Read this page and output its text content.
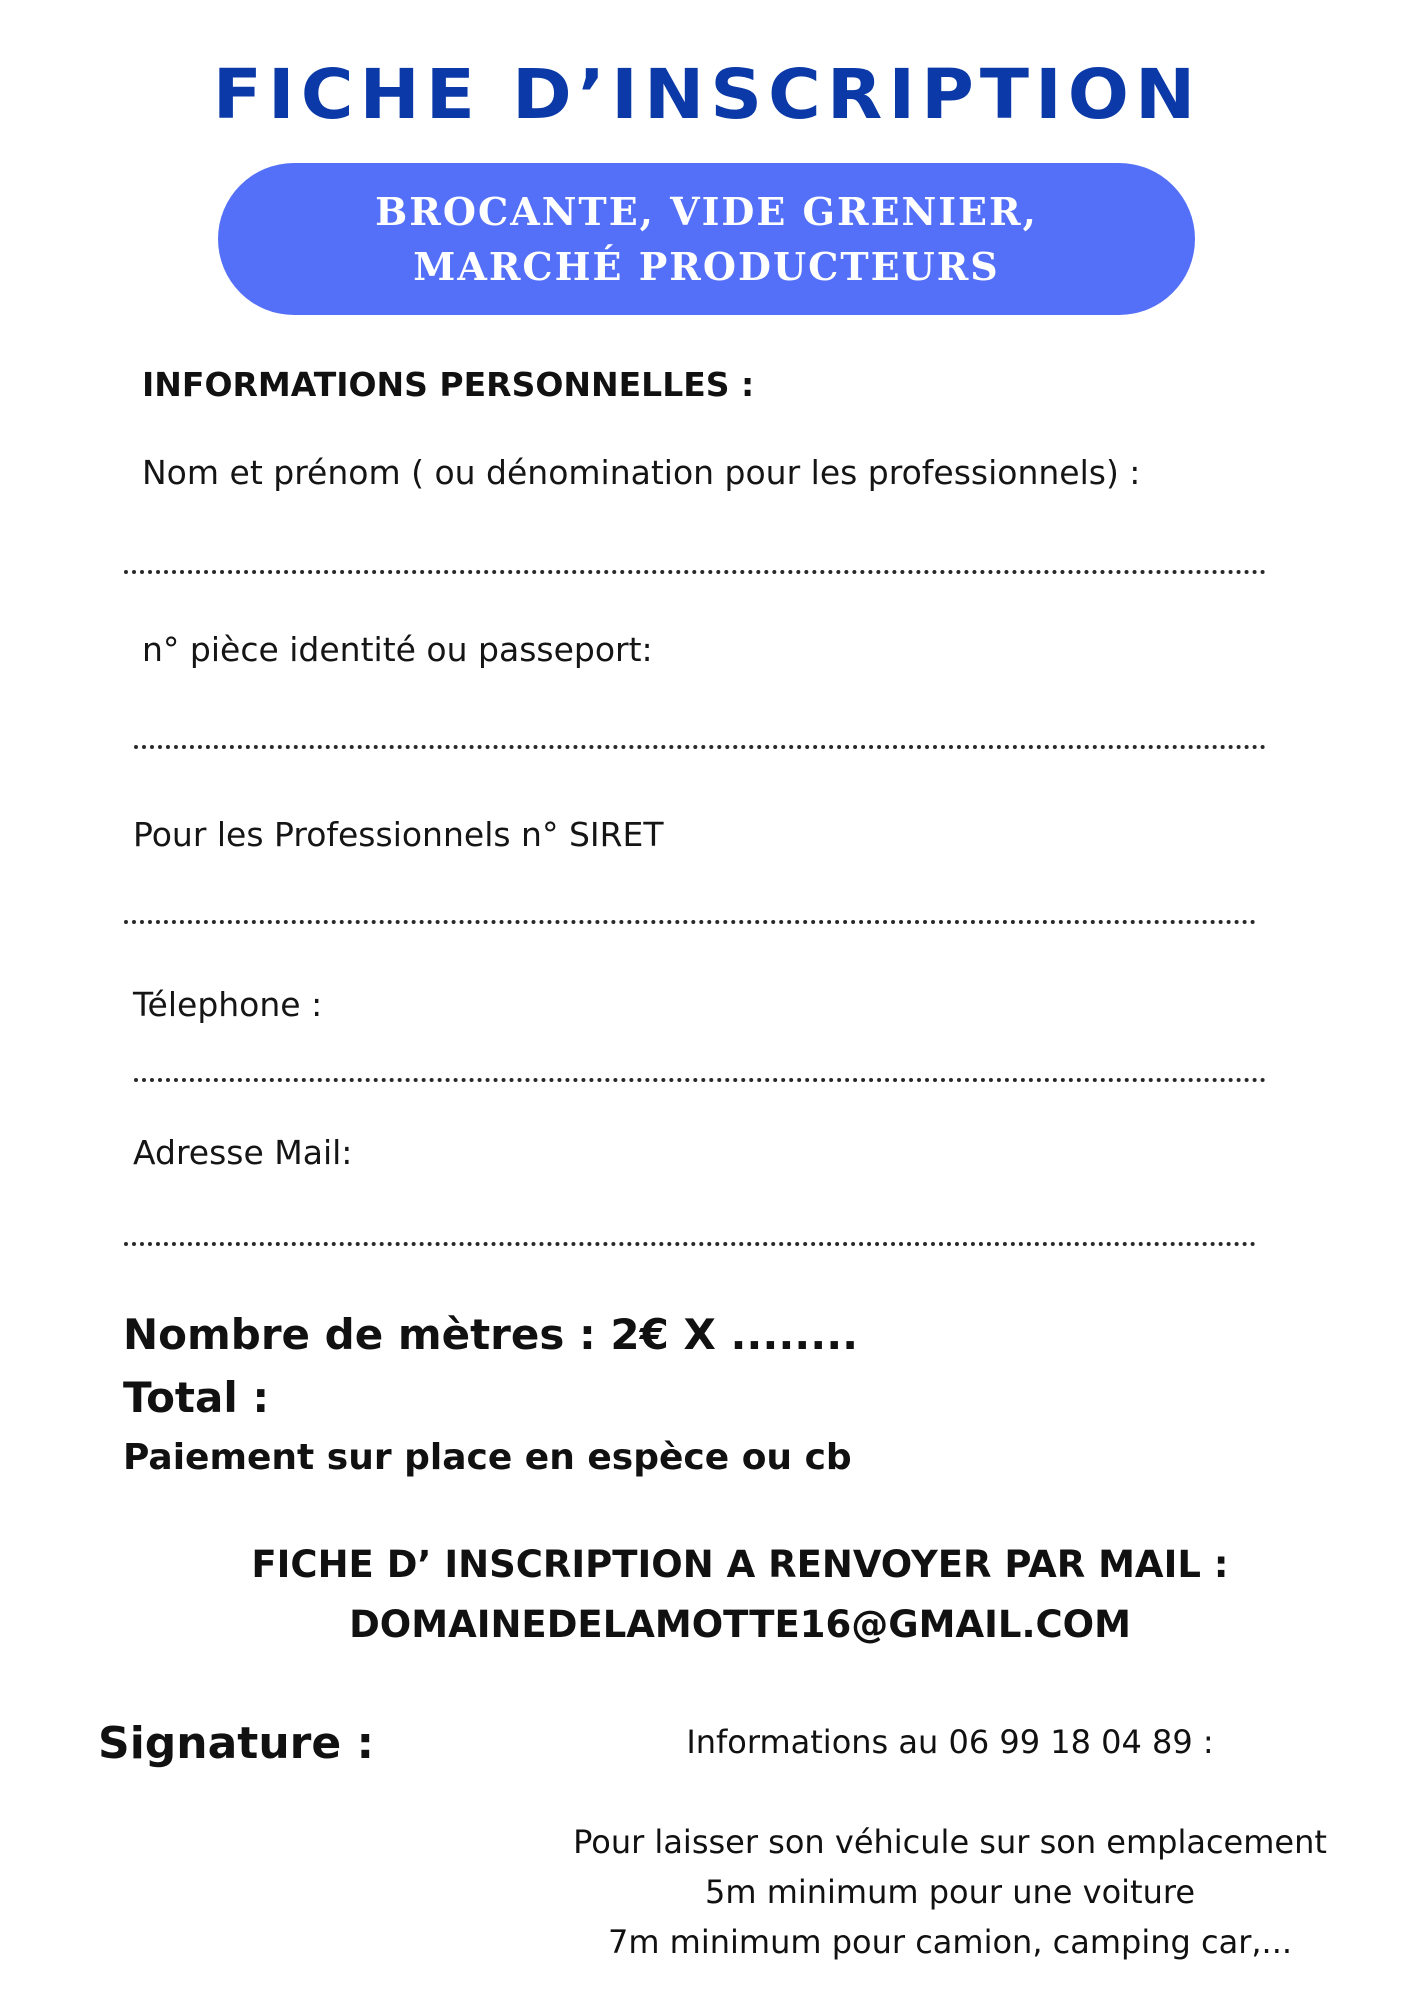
FICHE D’INSCRIPTION
BROCANTE, VIDE GRENIER,
MARCHÉ PRODUCTEURS
INFORMATIONS PERSONNELLES :
Nom et prénom ( ou dénomination pour les professionnels) :
n° pièce identité ou passeport:
Pour les Professionnels n° SIRET
Télephone :
Adresse Mail:
Nombre de mètres : 2€ X ........
Total :
Paiement sur place en espèce ou cb
FICHE D’ INSCRIPTION A RENVOYER PAR MAIL :
DOMAINEDELAMOTTE16@GMAIL.COM
Signature :	Informations au 06 99 18 04 89 :
Pour laisser son véhicule sur son emplacement
5m minimum pour une voiture
7m minimum pour camion, camping car,...
